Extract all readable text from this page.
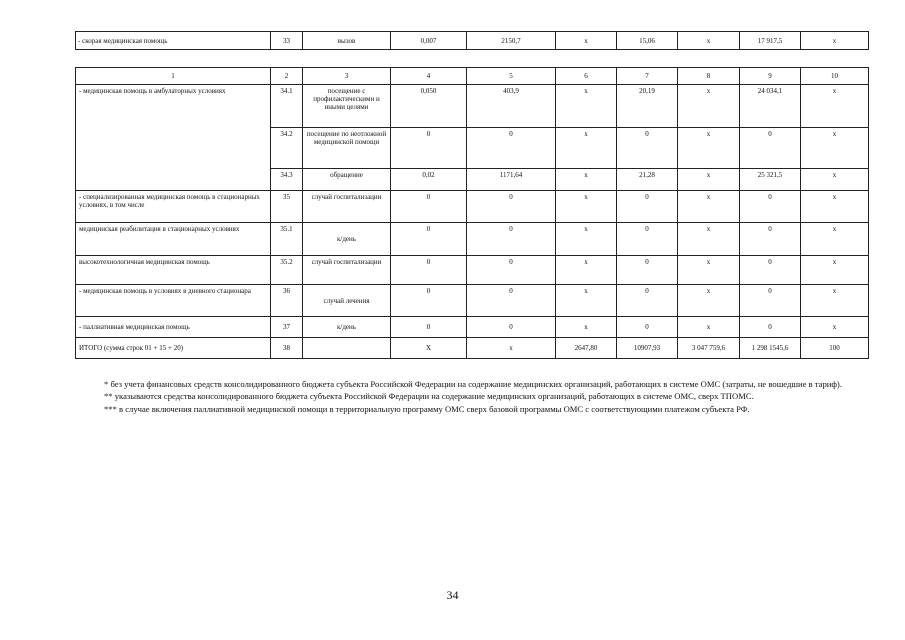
- скорая медицинская помощь	33	вызов	0,007	2150,7	х	15,06	х	17 917,5	х
1	2	3	4	5	6	7	8	9	10
- медицинская помощь в амбулаторных условиях	34.1	посещение с профилактическими и иными целями	0,050	403,9	х	20,19	х	24 034,1	х
	34.2	посещение по неотложной медицинской помощи	0	0	х	0	х	0	х
	34.3	обращение	0,02	1171,64	х	21,28	х	25 321,5	х
- специализированная медицинская помощь в стационарных условиях, в том числе	35	случай госпитализации	0	0	х	0	х	0	х
медицинская реабилитация в стационарных условиях	35.1	к/день	0	0	х	0	х	0	х
высокотехнологичная медицинская помощь	35.2	случай госпитализации	0	0	х	0	х	0	х
- медицинская помощь в условиях в дневного стационара	36	случай лечения	0	0	х	0	х	0	х
- паллиативная медицинская помощь	37	к/день	0	0	х	0	х	0	х
ИТОГО (сумма строк 01 + 15 + 20)	38		Х	х	2647,80	10907,93	3 047 759,6	1 298 1545,6	100

* без учета финансовых средств консолидированного бюджета субъекта Российской Федерации на содержание медицинских организаций, работающих в системе ОМС (затраты, не вошедшие в тариф).

** указываются средства консолидированного бюджета субъекта Российской Федерации на содержание медицинских организаций, работающих в системе ОМС, сверх ТПОМС.

*** в случае включения паллиативной медицинской помощи в территориальную программу ОМС сверх базовой программы ОМС с соответствующими платежом субъекта РФ.

34
